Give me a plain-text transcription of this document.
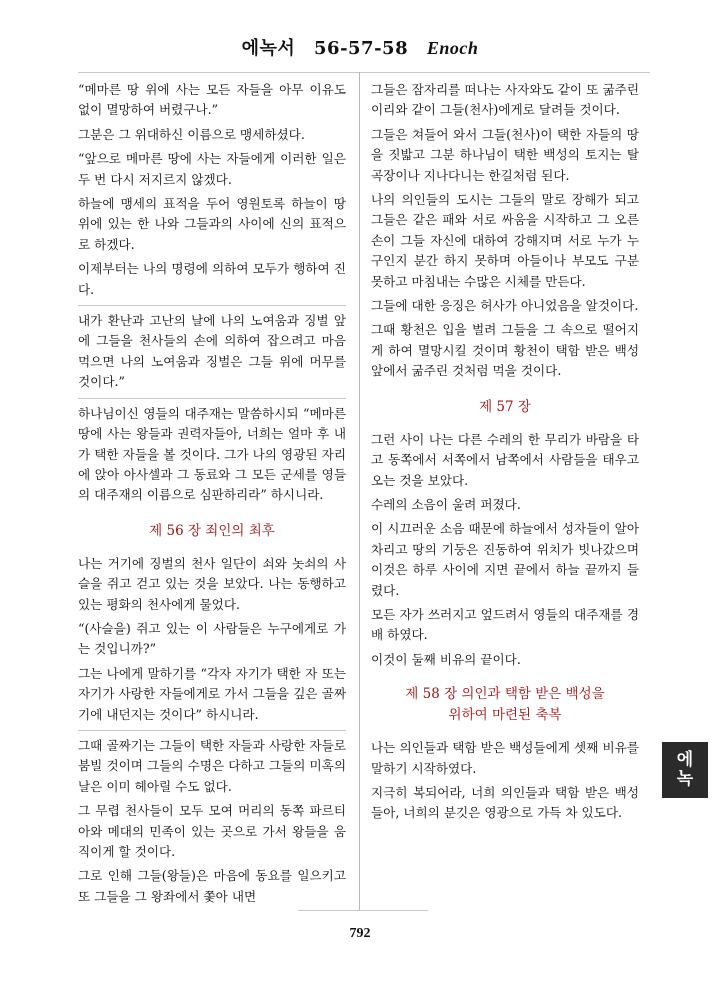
에녹서 56-57-58 Enoch

“메마른 땅 위에 사는 모든 자들을 아무 이유도 없이 멸망하여 버렸구나.”

그분은 그 위대하신 이름으로 맹세하셨다.

“앞으로 메마른 땅에 사는 자들에게 이러한 일은 두 번 다시 저지르지 않겠다.

하늘에 맹세의 표적을 두어 영원토록 하늘이 땅 위에 있는 한 나와 그들과의 사이에 신의 표적으로 하겠다.

이제부터는 나의 명령에 의하여 모두가 행하여 진다.

내가 환난과 고난의 날에 나의 노여움과 징벌 앞에 그들을 천사들의 손에 의하여 잡으려고 마음 먹으면 나의 노여움과 징벌은 그들 위에 머무를 것이다.”

하나님이신 영들의 대주재는 말씀하시되 “메마른 땅에 사는 왕들과 권력자들아, 너희는 얼마 후 내가 택한 자들을 볼 것이다. 그가 나의 영광된 자리에 앉아 아사셀과 그 동료와 그 모든 군세를 영들의 대주재의 이름으로 심판하리라” 하시니라.

제 56 장 죄인의 최후

나는 거기에 징벌의 천사 일단이 쇠와 놋쇠의 사슬을 쥐고 걷고 있는 것을 보았다. 나는 동행하고 있는 평화의 천사에게 물었다.

“(사슬을) 쥐고 있는 이 사람들은 누구에게로 가는 것입니까?”

그는 나에게 말하기를 “각자 자기가 택한 자 또는 자기가 사랑한 자들에게로 가서 그들을 깊은 골짜기에 내던지는 것이다” 하시니라.

그때 골짜기는 그들이 택한 자들과 사랑한 자들로 붐빌 것이며 그들의 수명은 다하고 그들의 미혹의 날은 이미 헤아릴 수도 없다.

그 무렵 천사들이 모두 모여 머리의 동쪽 파르티아와 메대의 민족이 있는 곳으로 가서 왕들을 움직이게 할 것이다.

그로 인해 그들(왕들)은 마음에 동요를 일으키고 또 그들을 그 왕좌에서 쫓아 내면

그들은 잠자리를 떠나는 사자와도 같이 또 굶주린 이리와 같이 그들(천사)에게로 달려들 것이다.

그들은 쳐들어 와서 그들(천사)이 택한 자들의 땅을 짓밟고 그분 하나님이 택한 백성의 토지는 탈곡장이나 지나다니는 한길처럼 된다.

나의 의인들의 도시는 그들의 말로 장해가 되고 그들은 같은 패와 서로 싸움을 시작하고 그 오른손이 그들 자신에 대하여 강해지며 서로 누가 누구인지 분간 하지 못하며 아들이나 부모도 구분 못하고 마침내는 수많은 시체를 만든다.

그들에 대한 응징은 허사가 아니었음을 알것이다.

그때 황천은 입을 벌려 그들을 그 속으로 떨어지게 하여 멸망시킬 것이며 황천이 택함 받은 백성 앞에서 굶주린 것처럼 먹을 것이다.

제 57 장

그런 사이 나는 다른 수레의 한 무리가 바람을 타고 동쪽에서 서쪽에서 남쪽에서 사람들을 태우고 오는 것을 보았다.

수레의 소음이 울려 퍼졌다.

이 시끄러운 소음 때문에 하늘에서 성자들이 알아 차리고 땅의 기둥은 진동하여 위치가 빗나갔으며 이것은 하루 사이에 지면 끝에서 하늘 끝까지 들렸다.

모든 자가 쓰러지고 엎드려서 영들의 대주재를 경배 하였다.

이것이 둘째 비유의 끝이다.

제 58 장 의인과 택함 받은 백성을
위하여 마련된 축복

나는 의인들과 택함 받은 백성들에게 셋째 비유를 말하기 시작하였다.

지극히 복되어라, 너희 의인들과 택함 받은 백성들아, 너희의 분깃은 영광으로 가득 차 있도다.

792
에
녹
